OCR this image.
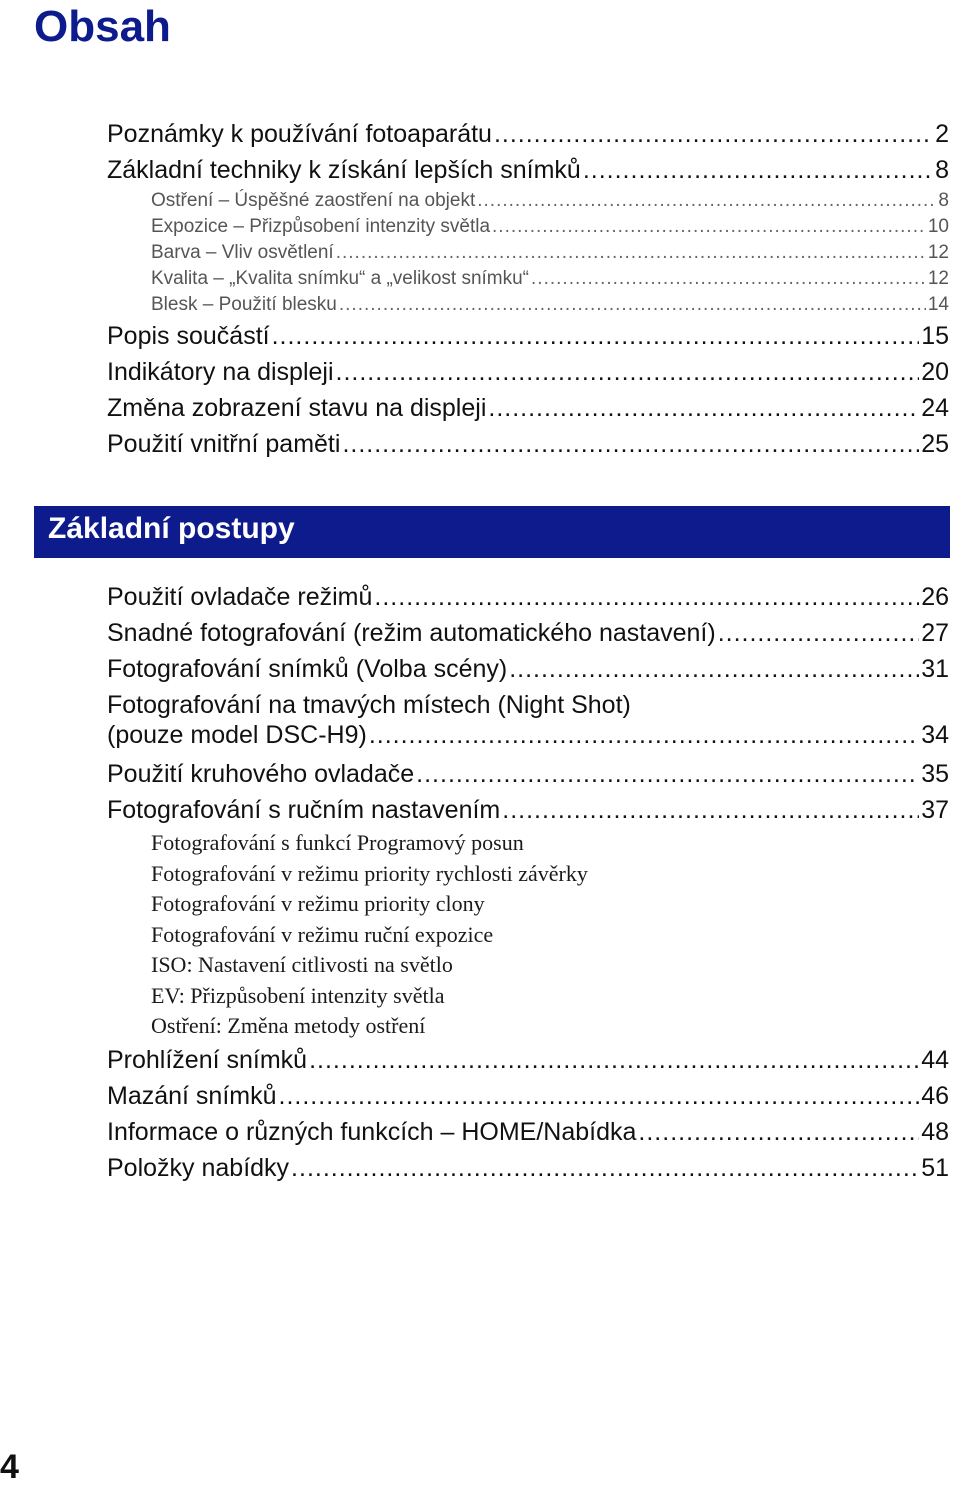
Obsah
Poznámky k používání fotoaparátu .....	2
Základní techniky k získání lepších snímků .....	8
Ostření – Úspěšné zaostření na objekt .....	8
Expozice – Přizpůsobení intenzity světla .....	10
Barva – Vliv osvětlení .....	12
Kvalita – „Kvalita snímku“ a „velikost snímku“ .....	12
Blesk – Použití blesku .....	14
Popis součástí .....	15
Indikátory na displeji .....	20
Změna zobrazení stavu na displeji .....	24
Použití vnitřní paměti .....	25
Základní postupy
Použití ovladače režimů .....	26
Snadné fotografování (režim automatického nastavení) .....	27
Fotografování snímků (Volba scény) .....	31
Fotografování na tmavých místech (Night Shot)
(pouze model DSC-H9) .....	34
Použití kruhového ovladače .....	35
Fotografování s ručním nastavením .....	37
Fotografování s funkcí Programový posun
Fotografování v režimu priority rychlosti závěrky
Fotografování v režimu priority clony
Fotografování v režimu ruční expozice
ISO: Nastavení citlivosti na světlo
EV: Přizpůsobení intenzity světla
Ostření: Změna metody ostření
Prohlížení snímků .....	44
Mazání snímků .....	46
Informace o různých funkcích – HOME/Nabídka .....	48
Položky nabídky .....	51
4
